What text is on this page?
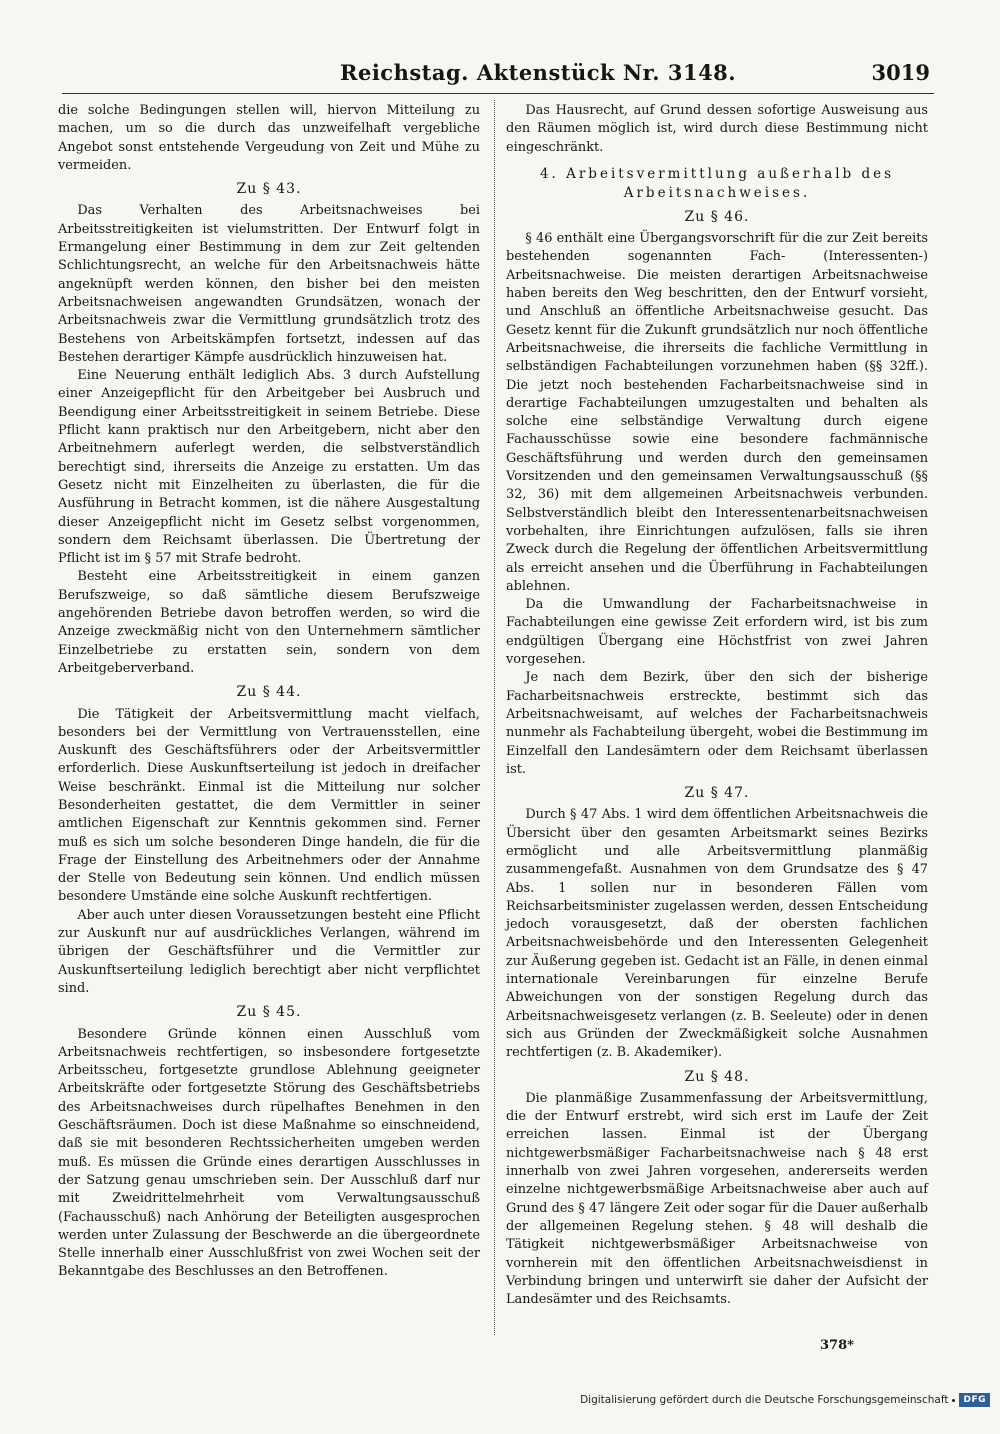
Reichstag. Aktenstück Nr. 3148.	3019

die solche Bedingungen stellen will, hiervon Mitteilung zu machen, um so die durch das unzweifelhaft vergebliche Angebot sonst entstehende Vergeudung von Zeit und Mühe zu vermeiden.

Zu § 43.

Das Verhalten des Arbeitsnachweises bei Arbeitsstreitigkeiten ist vielumstritten. Der Entwurf folgt in Ermangelung einer Bestimmung in dem zur Zeit geltenden Schlichtungsrecht, an welche für den Arbeitsnachweis hätte angeknüpft werden können, den bisher bei den meisten Arbeitsnachweisen angewandten Grundsätzen, wonach der Arbeitsnachweis zwar die Vermittlung grundsätzlich trotz des Bestehens von Arbeitskämpfen fortsetzt, indessen auf das Bestehen derartiger Kämpfe ausdrücklich hinzuweisen hat.

Eine Neuerung enthält lediglich Abs. 3 durch Aufstellung einer Anzeigepflicht für den Arbeitgeber bei Ausbruch und Beendigung einer Arbeitsstreitigkeit in seinem Betriebe. Diese Pflicht kann praktisch nur den Arbeitgebern, nicht aber den Arbeitnehmern auferlegt werden, die selbstverständlich berechtigt sind, ihrerseits die Anzeige zu erstatten. Um das Gesetz nicht mit Einzelheiten zu überlasten, die für die Ausführung in Betracht kommen, ist die nähere Ausgestaltung dieser Anzeigepflicht nicht im Gesetz selbst vorgenommen, sondern dem Reichsamt überlassen. Die Übertretung der Pflicht ist im § 57 mit Strafe bedroht.

Besteht eine Arbeitsstreitigkeit in einem ganzen Berufszweige, so daß sämtliche diesem Berufszweige angehörenden Betriebe davon betroffen werden, so wird die Anzeige zweckmäßig nicht von den Unternehmern sämtlicher Einzelbetriebe zu erstatten sein, sondern von dem Arbeitgeberverband.

Zu § 44.

Die Tätigkeit der Arbeitsvermittlung macht vielfach, besonders bei der Vermittlung von Vertrauensstellen, eine Auskunft des Geschäftsführers oder der Arbeitsvermittler erforderlich. Diese Auskunftserteilung ist jedoch in dreifacher Weise beschränkt. Einmal ist die Mitteilung nur solcher Besonderheiten gestattet, die dem Vermittler in seiner amtlichen Eigenschaft zur Kenntnis gekommen sind. Ferner muß es sich um solche besonderen Dinge handeln, die für die Frage der Einstellung des Arbeitnehmers oder der Annahme der Stelle von Bedeutung sein können. Und endlich müssen besondere Umstände eine solche Auskunft rechtfertigen.

Aber auch unter diesen Voraussetzungen besteht eine Pflicht zur Auskunft nur auf ausdrückliches Verlangen, während im übrigen der Geschäftsführer und die Vermittler zur Auskunftserteilung lediglich berechtigt aber nicht verpflichtet sind.

Zu § 45.

Besondere Gründe können einen Ausschluß vom Arbeitsnachweis rechtfertigen, so insbesondere fortgesetzte Arbeitsscheu, fortgesetzte grundlose Ablehnung geeigneter Arbeitskräfte oder fortgesetzte Störung des Geschäftsbetriebs des Arbeitsnachweises durch rüpelhaftes Benehmen in den Geschäftsräumen. Doch ist diese Maßnahme so einschneidend, daß sie mit besonderen Rechtssicherheiten umgeben werden muß. Es müssen die Gründe eines derartigen Ausschlusses in der Satzung genau umschrieben sein. Der Ausschluß darf nur mit Zweidrittelmehrheit vom Verwaltungsausschuß (Fachausschuß) nach Anhörung der Beteiligten ausgesprochen werden unter Zulassung der Beschwerde an die übergeordnete Stelle innerhalb einer Ausschlußfrist von zwei Wochen seit der Bekanntgabe des Beschlusses an den Betroffenen.

Das Hausrecht, auf Grund dessen sofortige Ausweisung aus den Räumen möglich ist, wird durch diese Bestimmung nicht eingeschränkt.

4. Arbeitsvermittlung außerhalb des Arbeitsnachweises.
Zu § 46.

§ 46 enthält eine Übergangsvorschrift für die zur Zeit bereits bestehenden sogenannten Fach- (Interessenten-) Arbeitsnachweise. Die meisten derartigen Arbeitsnachweise haben bereits den Weg beschritten, den der Entwurf vorsieht, und Anschluß an öffentliche Arbeitsnachweise gesucht. Das Gesetz kennt für die Zukunft grundsätzlich nur noch öffentliche Arbeitsnachweise, die ihrerseits die fachliche Vermittlung in selbständigen Fachabteilungen vorzunehmen haben (§§ 32ff.). Die jetzt noch bestehenden Facharbeitsnachweise sind in derartige Fachabteilungen umzugestalten und behalten als solche eine selbständige Verwaltung durch eigene Fachausschüsse sowie eine besondere fachmännische Geschäftsführung und werden durch den gemeinsamen Vorsitzenden und den gemeinsamen Verwaltungsausschuß (§§ 32, 36) mit dem allgemeinen Arbeitsnachweis verbunden. Selbstverständlich bleibt den Interessentenarbeitsnachweisen vorbehalten, ihre Einrichtungen aufzulösen, falls sie ihren Zweck durch die Regelung der öffentlichen Arbeitsvermittlung als erreicht ansehen und die Überführung in Fachabteilungen ablehnen.

Da die Umwandlung der Facharbeitsnachweise in Fachabteilungen eine gewisse Zeit erfordern wird, ist bis zum endgültigen Übergang eine Höchstfrist von zwei Jahren vorgesehen.

Je nach dem Bezirk, über den sich der bisherige Facharbeitsnachweis erstreckte, bestimmt sich das Arbeitsnachweisamt, auf welches der Facharbeitsnachweis nunmehr als Fachabteilung übergeht, wobei die Bestimmung im Einzelfall den Landesämtern oder dem Reichsamt überlassen ist.

Zu § 47.

Durch § 47 Abs. 1 wird dem öffentlichen Arbeitsnachweis die Übersicht über den gesamten Arbeitsmarkt seines Bezirks ermöglicht und alle Arbeitsvermittlung planmäßig zusammengefaßt. Ausnahmen von dem Grundsatze des § 47 Abs. 1 sollen nur in besonderen Fällen vom Reichsarbeitsminister zugelassen werden, dessen Entscheidung jedoch vorausgesetzt, daß der obersten fachlichen Arbeitsnachweisbehörde und den Interessenten Gelegenheit zur Äußerung gegeben ist. Gedacht ist an Fälle, in denen einmal internationale Vereinbarungen für einzelne Berufe Abweichungen von der sonstigen Regelung durch das Arbeitsnachweisgesetz verlangen (z. B. Seeleute) oder in denen sich aus Gründen der Zweckmäßigkeit solche Ausnahmen rechtfertigen (z. B. Akademiker).

Zu § 48.

Die planmäßige Zusammenfassung der Arbeitsvermittlung, die der Entwurf erstrebt, wird sich erst im Laufe der Zeit erreichen lassen. Einmal ist der Übergang nichtgewerbsmäßiger Facharbeitsnachweise nach § 48 erst innerhalb von zwei Jahren vorgesehen, andererseits werden einzelne nichtgewerbsmäßige Arbeitsnachweise aber auch auf Grund des § 47 längere Zeit oder sogar für die Dauer außerhalb der allgemeinen Regelung stehen. § 48 will deshalb die Tätigkeit nichtgewerbsmäßiger Arbeitsnachweise von vornherein mit den öffentlichen Arbeitsnachweisdienst in Verbindung bringen und unterwirft sie daher der Aufsicht der Landesämter und des Reichsamts.

378*
Digitalisierung gefördert durch die Deutsche Forschungsgemeinschaft	DFG
